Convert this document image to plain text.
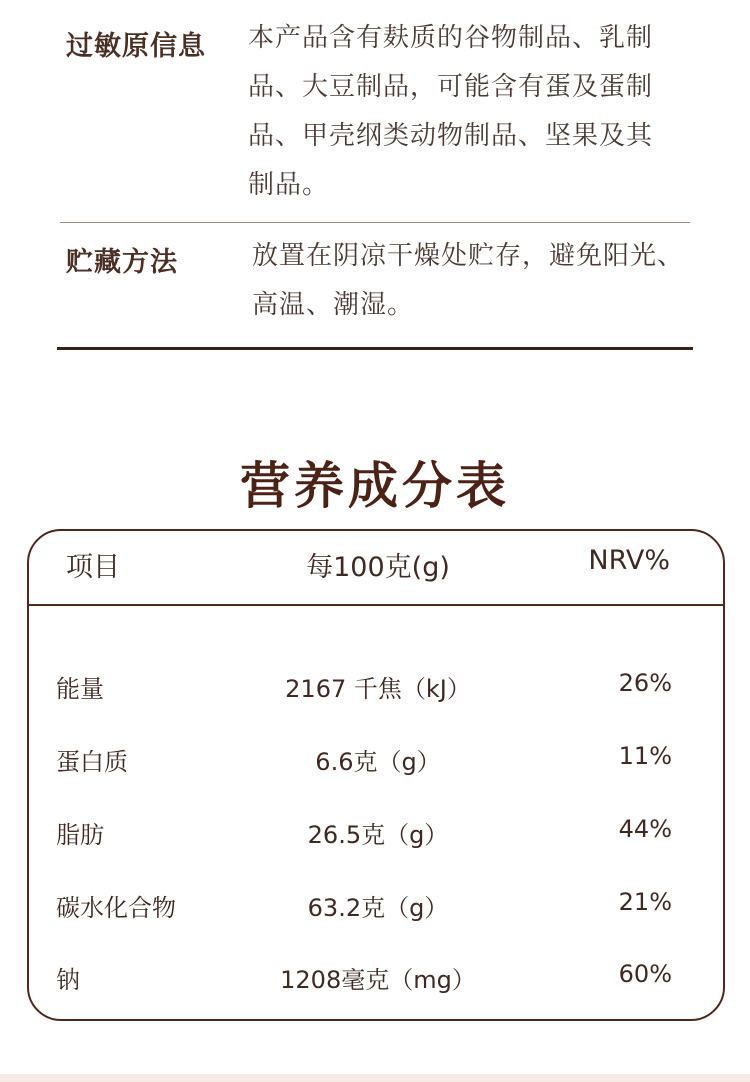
过敏原信息 本产品含有麸质的谷物制品、乳制
品、大豆制品，可能含有蛋及蛋制
品、甲壳纲类动物制品、坚果及其
制品。
贮藏方法	放置在阴凉干燥处贮存，避免阳光、
高温、潮湿。
营养成分表
项目	每100克(g)	NRV%
能量	2167 千焦（kJ）	26%
蛋白质	6.6克（g）	11%
脂肪	26.5克（g）	44%
碳水化合物	63.2克（g）	21%
钠	1208毫克（mg）	60%
